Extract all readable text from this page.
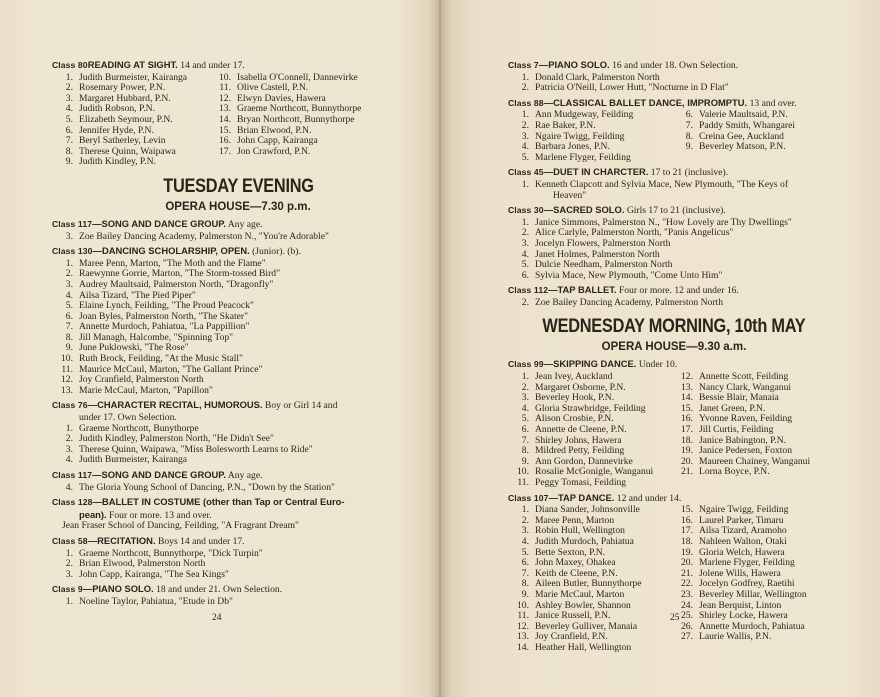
Class 80READING AT SIGHT. 14 and under 17.
1. Judith Burmeister, Kairanga
2. Rosemary Power, P.N.
3. Margaret Hubbard, P.N.
4. Judith Robson, P.N.
5. Elizabeth Seymour, P.N.
6. Jennifer Hyde, P.N.
7. Beryl Satherley, Levin
8. Therese Quinn, Waipawa
9. Judith Kindley, P.N.
10. Isabella O'Connell, Dannevirke
11. Olive Castell, P.N.
12. Elwyn Davies, Hawera
13. Graeme Northcott, Bunnythorpe
14. Bryan Northcott, Bunnythorpe
15. Brian Elwood, P.N.
16. John Capp, Kairanga
17. Jon Crawford, P.N.
TUESDAY EVENING
OPERA HOUSE—7.30 p.m.
Class 117—SONG AND DANCE GROUP. Any age.
3. Zoe Bailey Dancing Academy, Palmerston N., "You're Adorable"
Class 130—DANCING SCHOLARSHIP, OPEN. (Junior). (b).
1. Maree Penn, Marton, "The Moth and the Flame"
2. Raewynne Gorrie, Marton, "The Storm-tossed Bird"
3. Audrey Maultsaid, Palmerston North, "Dragonfly"
4. Ailsa Tizard, "The Pied Piper"
5. Elaine Lynch, Feilding, "The Proud Peacock"
6. Joan Byles, Palmerston North, "The Skater"
7. Annette Murdoch, Pahiatua, "La Pappillion"
8. Jill Managh, Halcombe, "Spinning Top"
9. June Puklowski, "The Rose"
10. Ruth Brock, Feilding, "At the Music Stall"
11. Maurice McCaul, Marton, "The Gallant Prince"
12. Joy Cranfield, Palmerston North
13. Marie McCaul, Marton, "Papillon"
Class 76—CHARACTER RECITAL, HUMOROUS. Boy or Girl 14 and
under 17. Own Selection.
1. Graeme Northcott, Bunythorpe
2. Judith Kindley, Palmerston North, "He Didn't See"
3. Therese Quinn, Waipawa, "Miss Bolesworth Learns to Ride"
4. Judith Burmeister, Kairanga
Class 117—SONG AND DANCE GROUP. Any age.
4. The Gloria Young School of Dancing, P.N., "Down by the Station"
Class 128—BALLET IN COSTUME (other than Tap or Central Euro-
pean). Four or more. 13 and over.
Jean Fraser School of Dancing, Feilding, "A Fragrant Dream"
Class 58—RECITATION. Boys 14 and under 17.
1. Graeme Northcott, Bunnythorpe, "Dick Turpin"
2. Brian Elwood, Palmerston North
3. John Capp, Kairanga, "The Sea Kings"
Class 9—PIANO SOLO. 18 and under 21. Own Selection.
1. Noeline Taylor, Pahiatua, "Etude in Db"
24
Class 7—PIANO SOLO. 16 and under 18. Own Selection.
1. Donald Clark, Palmerston North
2. Patricia O'Neill, Lower Hutt, "Nocturne in D Flat"
Class 88—CLASSICAL BALLET DANCE, IMPROMPTU. 13 and over.
1. Ann Mudgeway, Feilding
2. Rae Baker, P.N.
3. Ngaire Twigg, Feilding
4. Barbara Jones, P.N.
5. Marlene Flyger, Feilding
6. Valerie Maultsaid, P.N.
7. Paddy Smith, Whangarei
8. Creina Gee, Auckland
9. Beverley Matson, P.N.
Class 45—DUET IN CHARCTER. 17 to 21 (inclusive).
1. Kenneth Clapcott and Sylvia Mace, New Plymouth, "The Keys of
Heaven"
Class 30—SACRED SOLO. Girls 17 to 21 (inclusive).
1. Janice Simmons, Palmerston N., "How Lovely are Thy Dwellings"
2. Alice Carlyle, Palmerston North, "Panis Angelicus"
3. Jocelyn Flowers, Palmerston North
4. Janet Holmes, Palmerston North
5. Dulcie Needham, Palmerston North
6. Sylvia Mace, New Plymouth, "Come Unto Him"
Class 112—TAP BALLET. Four or more. 12 and under 16.
2. Zoe Bailey Dancing Academy, Palmerston North
WEDNESDAY MORNING, 10th MAY
OPERA HOUSE—9.30 a.m.
Class 99—SKIPPING DANCE. Under 10.
1. Jean Ivey, Auckland
2. Margaret Osborne, P.N.
3. Beverley Hook, P.N.
4. Gloria Strawbridge, Feilding
5. Alison Crosbie, P.N.
6. Annette de Cleene, P.N.
7. Shirley Johns, Hawera
8. Mildred Petty, Feilding
9. Ann Gordon, Dannevirke
10. Rosalie McGonigle, Wanganui
11. Peggy Tomasi, Feilding
12. Annette Scott, Feilding
13. Nancy Clark, Wanganui
14. Bessie Blair, Manaia
15. Janet Green, P.N.
16. Yvonne Raven, Feilding
17. Jill Curtis, Feilding
18. Janice Babington, P.N.
19. Janice Pedersen, Foxton
20. Maureen Chainey, Wanganui
21. Lorna Boyce, P.N.
Class 107—TAP DANCE. 12 and under 14.
1. Diana Sander, Johnsonville
2. Maree Penn, Marton
3. Robin Hull, Wellington
4. Judith Murdoch, Pahiatua
5. Bette Sexton, P.N.
6. John Maxey, Ohakea
7. Keith de Cleene, P.N.
8. Aileen Butler, Bunnythorpe
9. Marie McCaul, Marton
10. Ashley Bowler, Shannon
11. Janice Russell, P.N.
12. Beverley Gulliver, Manaia
13. Joy Cranfield, P.N.
14. Heather Hall, Wellington
15. Ngaire Twigg, Feilding
16. Laurel Parker, Timaru
17. Ailsa Tizard, Aramoho
18. Nahleen Walton, Otaki
19. Gloria Welch, Hawera
20. Marlene Flyger, Feilding
21. Jolene Wills, Hawera
22. Jocelyn Godfrey, Raetihi
23. Beverley Millar, Wellington
24. Jean Berquist, Linton
25. Shirley Locke, Hawera
26. Annette Murdoch, Pahiatua
27. Laurie Wallis, P.N.
25
